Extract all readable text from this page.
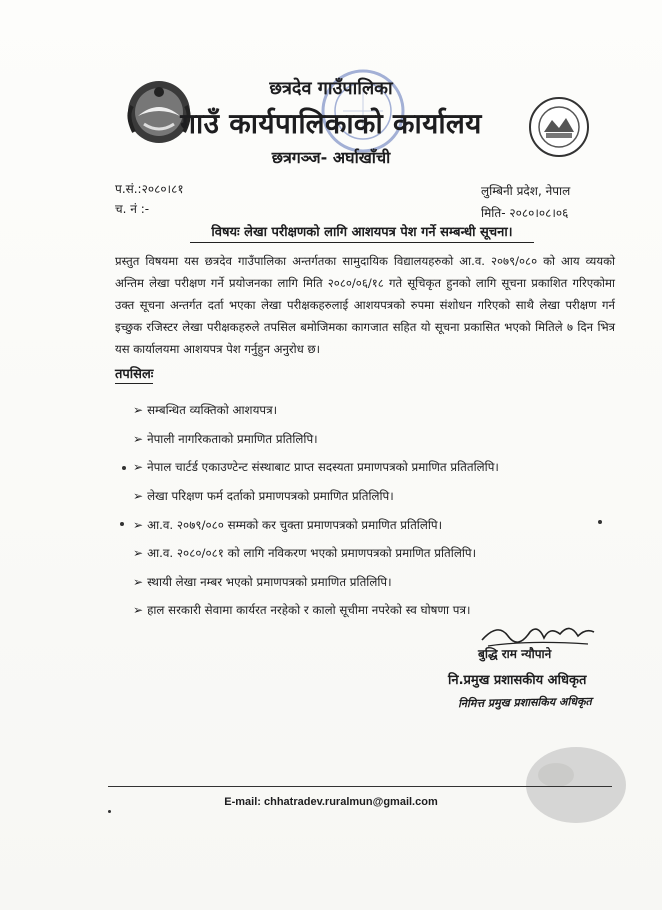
छत्रदेव गाउँपालिका
गाउँ कार्यपालिकाको कार्यालय
छत्रगञ्ज- अर्घाखाँची
प.सं.:२०८०।८१
च. नं :-
लुम्बिनी प्रदेश, नेपाल
मिति- २०८०।०८।०६
विषयः लेखा परीक्षणको लागि आशयपत्र पेश गर्ने सम्बन्धी सूचना।
प्रस्तुत विषयमा यस छत्रदेव गाउँपालिका अन्तर्गतका सामुदायिक विद्यालयहरुको आ.व. २०७९/०८० को आय व्ययको अन्तिम लेखा परीक्षण गर्ने प्रयोजनका लागि मिति २०८०/०६/१८ गते सूचिकृत हुनको लागि सूचना प्रकाशित गरिएकोमा उक्त सूचना अन्तर्गत दर्ता भएका लेखा परीक्षकहरुलाई आशयपत्रको रुपमा संशोधन गरिएको साथै लेखा परीक्षण गर्न इच्छुक रजिस्टर लेखा परीक्षकहरुले तपसिल बमोजिमका कागजात सहित यो सूचना प्रकासित भएको मितिले ७ दिन भित्र यस कार्यालयमा आशयपत्र पेश गर्नुहुन अनुरोध छ।
तपसिलः
➢ सम्बन्धित व्यक्तिको आशयपत्र।
➢ नेपाली नागरिकताको प्रमाणित प्रतिलिपि।
➢ नेपाल चार्टर्ड एकाउण्टेन्ट संस्थाबाट प्राप्त सदस्यता प्रमाणपत्रको प्रमाणित प्रतितलिपि।
➢ लेखा परिक्षण फर्म दर्ताको प्रमाणपत्रको प्रमाणित प्रतिलिपि।
➢ आ.व. २०७९/०८० सम्मको कर चुक्ता प्रमाणपत्रको प्रमाणित प्रतिलिपि।
➢ आ.व. २०८०/०८१ को लागि नविकरण भएको प्रमाणपत्रको प्रमाणित प्रतिलिपि।
➢ स्थायी लेखा नम्बर भएको प्रमाणपत्रको प्रमाणित प्रतिलिपि।
➢ हाल सरकारी सेवामा कार्यरत नरहेको र कालो सूचीमा नपरेको स्व घोषणा पत्र।
बुद्धि राम न्यौपाने
नि.प्रमुख प्रशासकीय अधिकृत
निमित्त प्रमुख प्रशासकिय अधिकृत
E-mail: chhatradev.ruralmun@gmail.com
